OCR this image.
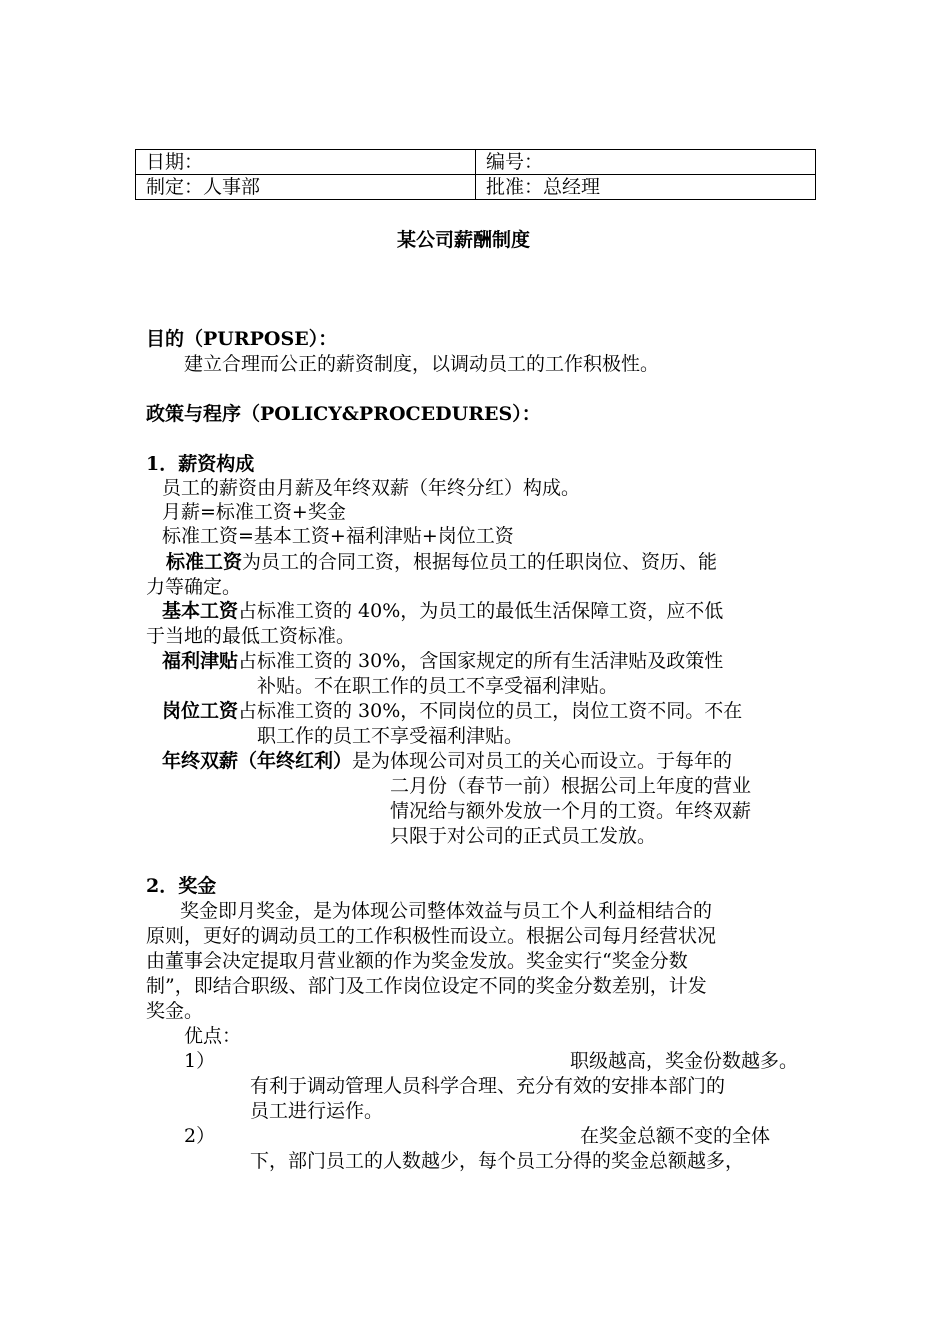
日期：	编号：
制定：人事部	批准：总经理
某公司薪酬制度
目的（PURPOSE）：
建立合理而公正的薪资制度，以调动员工的工作积极性。
政策与程序（POLICY&PROCEDURES）：
1．薪资构成
员工的薪资由月薪及年终双薪（年终分红）构成。
月薪=标准工资+奖金
标准工资=基本工资+福利津贴+岗位工资
标准工资为员工的合同工资，根据每位员工的任职岗位、资历、能
力等确定。
基本工资占标准工资的 40%，为员工的最低生活保障工资，应不低
于当地的最低工资标准。
福利津贴占标准工资的 30%，含国家规定的所有生活津贴及政策性
补贴。不在职工作的员工不享受福利津贴。
岗位工资占标准工资的 30%，不同岗位的员工，岗位工资不同。不在
职工作的员工不享受福利津贴。
年终双薪（年终红利）是为体现公司对员工的关心而设立。于每年的
二月份（春节一前）根据公司上年度的营业
情况给与额外发放一个月的工资。年终双薪
只限于对公司的正式员工发放。
2．奖金
奖金即月奖金，是为体现公司整体效益与员工个人利益相结合的
原则，更好的调动员工的工作积极性而设立。根据公司每月经营状况
由董事会决定提取月营业额的作为奖金发放。奖金实行“奖金分数
制”，即结合职级、部门及工作岗位设定不同的奖金分数差别，计发
奖金。
优点：
1）	职级越高，奖金份数越多。
有利于调动管理人员科学合理、充分有效的安排本部门的
员工进行运作。
2）	在奖金总额不变的全体
下，部门员工的人数越少，每个员工分得的奖金总额越多，
